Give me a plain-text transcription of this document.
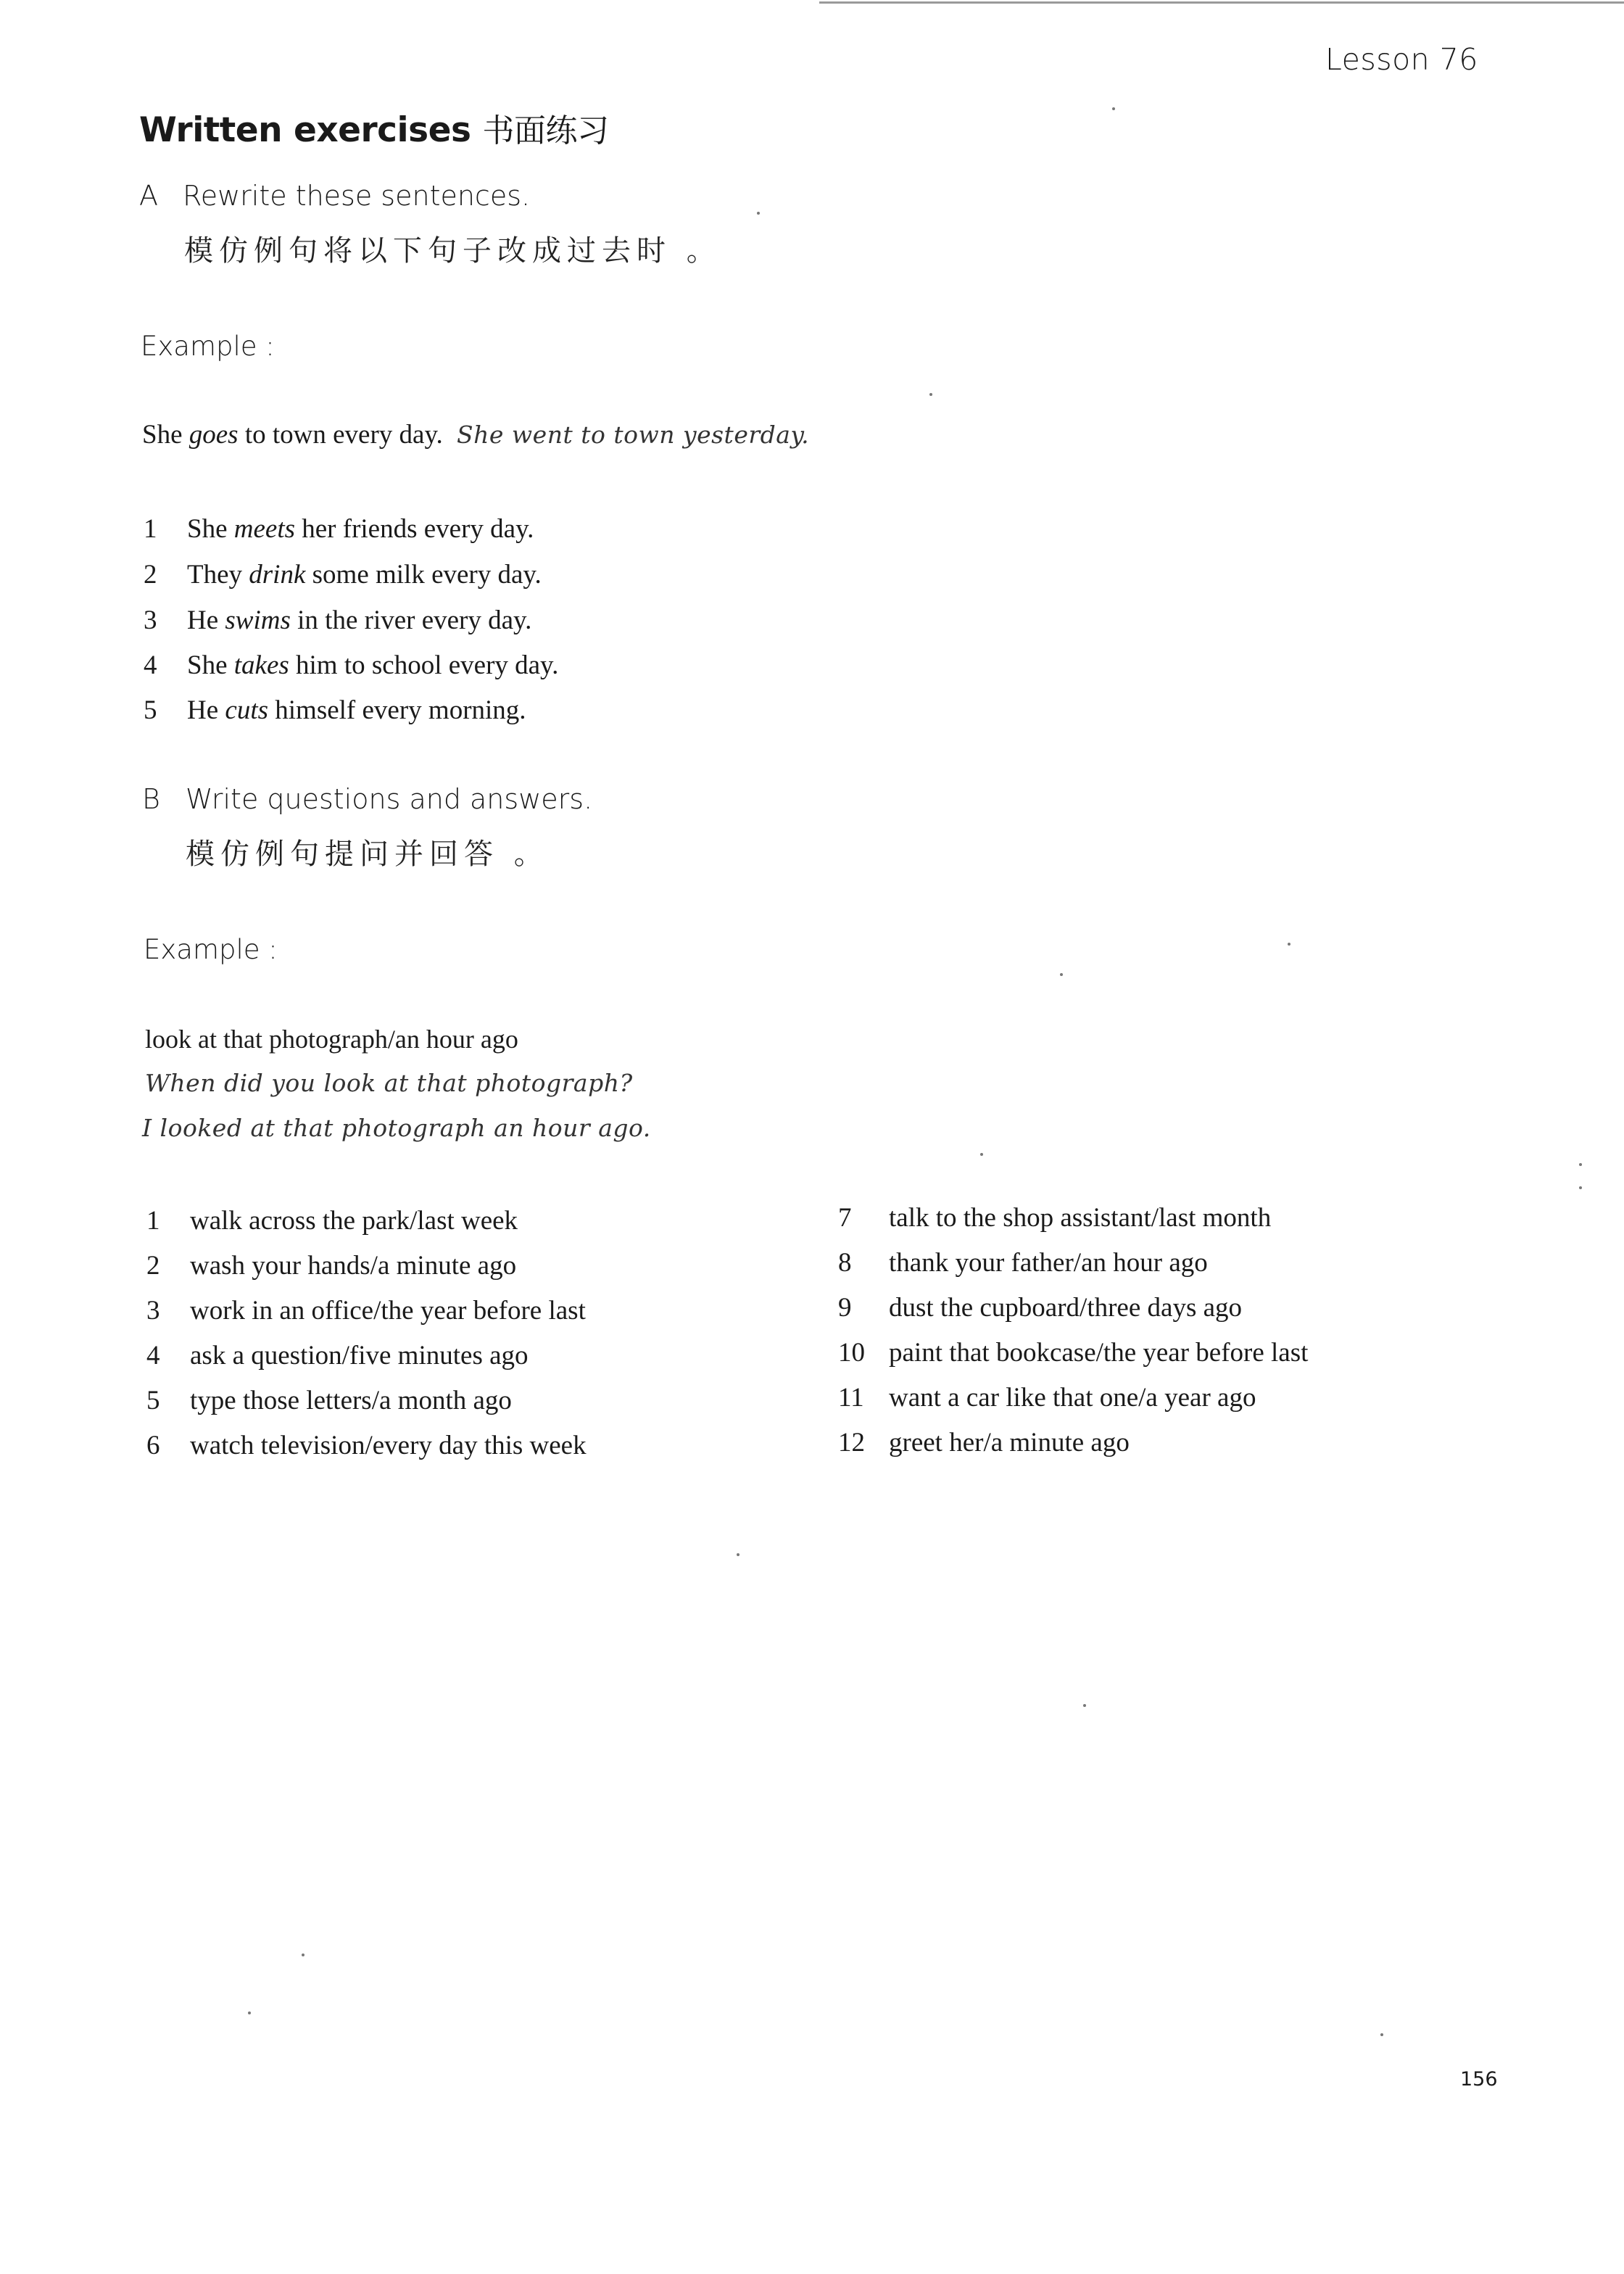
Lesson 76
Written exercises 书面练习
A Rewrite these sentences.
模仿例句将以下句子改成过去时 。
Example :
She goes to town every day. She went to town yesterday.
1 She meets her friends every day.
2 They drink some milk every day.
3 He swims in the river every day.
4 She takes him to school every day.
5 He cuts himself every morning.
B Write questions and answers.
模仿例句提问并回答 。
Example :
look at that photograph/an hour ago
When did you look at that photograph?
I looked at that photograph an hour ago.
1 walk across the park/last week
2 wash your hands/a minute ago
3 work in an office/the year before last
4 ask a question/five minutes ago
5 type those letters/a month ago
6 watch television/every day this week
7 talk to the shop assistant/last month
8 thank your father/an hour ago
9 dust the cupboard/three days ago
10 paint that bookcase/the year before last
11 want a car like that one/a year ago
12 greet her/a minute ago
156
